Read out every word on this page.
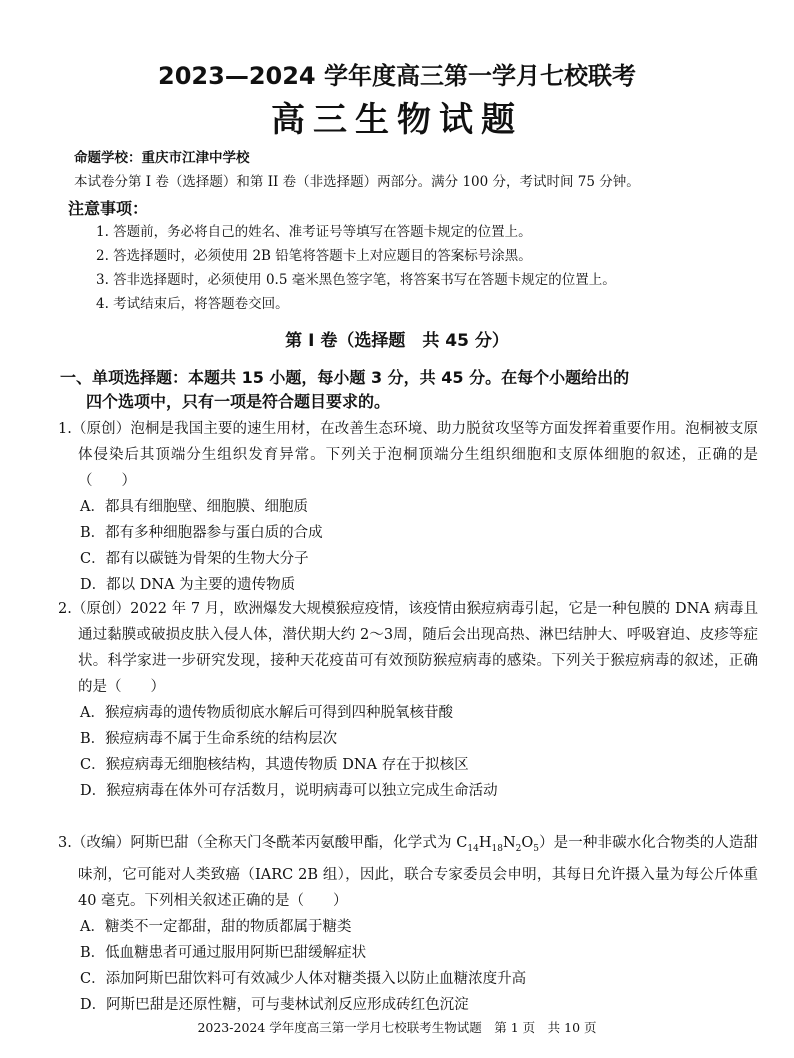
2023—2024 学年度高三第一学月七校联考
高三生物试题
命题学校：重庆市江津中学校
本试卷分第 I 卷（选择题）和第 II 卷（非选择题）两部分。满分 100 分，考试时间 75 分钟。
注意事项：
1. 答题前，务必将自己的姓名、准考证号等填写在答题卡规定的位置上。
2. 答选择题时，必须使用 2B 铅笔将答题卡上对应题目的答案标号涂黑。
3. 答非选择题时，必须使用 0.5 毫米黑色签字笔，将答案书写在答题卡规定的位置上。
4. 考试结束后，将答题卷交回。
第 I 卷（选择题　共 45 分）
一、单项选择题：本题共 15 小题，每小题 3 分，共 45 分。在每个小题给出的
四个选项中，只有一项是符合题目要求的。
1.（原创）泡桐是我国主要的速生用材，在改善生态环境、助力脱贫攻坚等方面发挥着重要作用。泡桐被支原体侵染后其顶端分生组织发育异常。下列关于泡桐顶端分生组织细胞和支原体细胞的叙述，正确的是（　　）
A．都具有细胞壁、细胞膜、细胞质
B．都有多种细胞器参与蛋白质的合成
C．都有以碳链为骨架的生物大分子
D．都以 DNA 为主要的遗传物质
2.（原创）2022 年 7 月，欧洲爆发大规模猴痘疫情，该疫情由猴痘病毒引起，它是一种包膜的 DNA 病毒且通过黏膜或破损皮肤入侵人体，潜伏期大约 2～3周，随后会出现高热、淋巴结肿大、呼吸窘迫、皮疹等症状。科学家进一步研究发现，接种天花疫苗可有效预防猴痘病毒的感染。下列关于猴痘病毒的叙述，正确的是（　　）
A．猴痘病毒的遗传物质彻底水解后可得到四种脱氧核苷酸
B．猴痘病毒不属于生命系统的结构层次
C．猴痘病毒无细胞核结构，其遗传物质 DNA 存在于拟核区
D．猴痘病毒在体外可存活数月，说明病毒可以独立完成生命活动
3.（改编）阿斯巴甜（全称天门冬酰苯丙氨酸甲酯，化学式为 $C_{14}H_{18}N_2O_5$）是一种非碳水化合物类的人造甜味剂，它可能对人类致癌（IARC 2B 组），因此，联合专家委员会申明，其每日允许摄入量为每公斤体重 40 毫克。下列相关叙述正确的是（　　）
A．糖类不一定都甜，甜的物质都属于糖类
B．低血糖患者可通过服用阿斯巴甜缓解症状
C．添加阿斯巴甜饮料可有效减少人体对糖类摄入以防止血糖浓度升高
D．阿斯巴甜是还原性糖，可与斐林试剂反应形成砖红色沉淀
2023-2024 学年度高三第一学月七校联考生物试题　第 1 页　共 10 页
